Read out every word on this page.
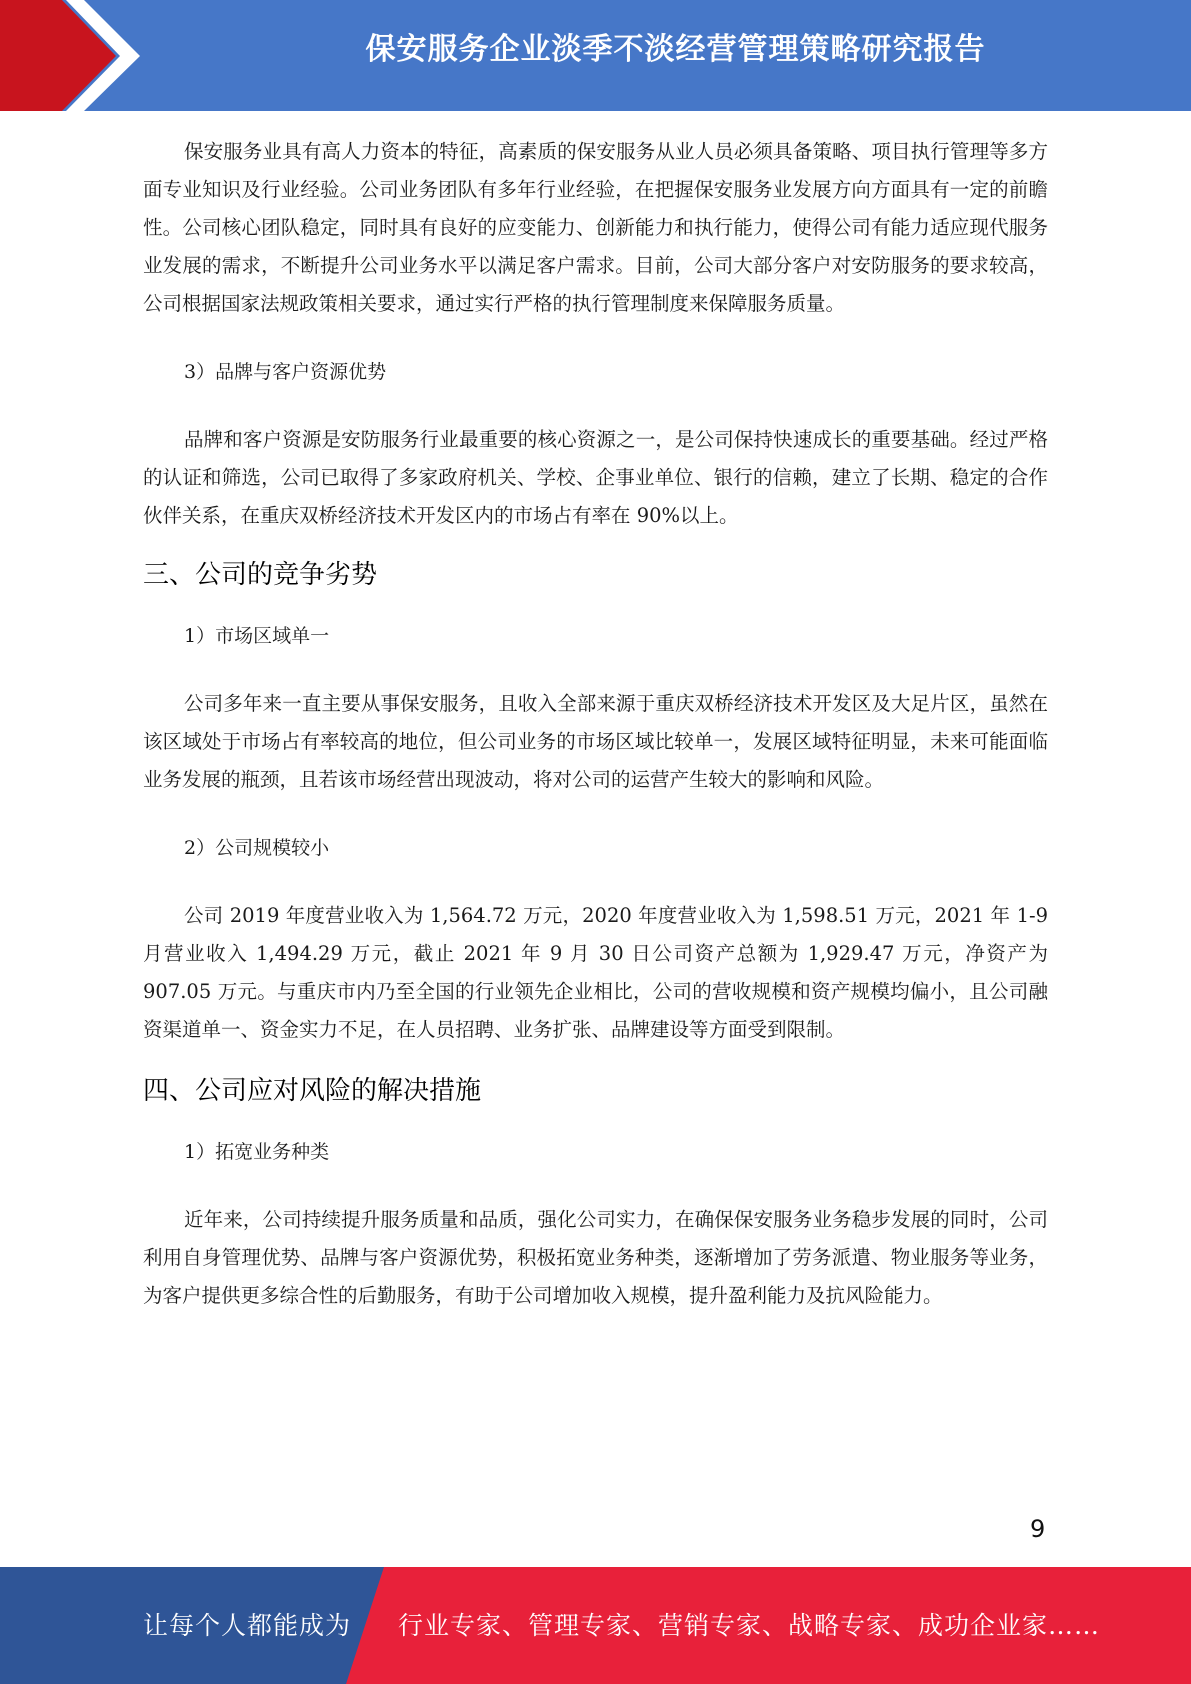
保安服务企业淡季不淡经营管理策略研究报告

保安服务业具有高人力资本的特征，高素质的保安服务从业人员必须具备策略、项目执行管理等多方面专业知识及行业经验。公司业务团队有多年行业经验，在把握保安服务业发展方向方面具有一定的前瞻性。公司核心团队稳定，同时具有良好的应变能力、创新能力和执行能力，使得公司有能力适应现代服务业发展的需求，不断提升公司业务水平以满足客户需求。目前，公司大部分客户对安防服务的要求较高，公司根据国家法规政策相关要求，通过实行严格的执行管理制度来保障服务质量。

3）品牌与客户资源优势

品牌和客户资源是安防服务行业最重要的核心资源之一，是公司保持快速成长的重要基础。经过严格的认证和筛选，公司已取得了多家政府机关、学校、企事业单位、银行的信赖，建立了长期、稳定的合作伙伴关系，在重庆双桥经济技术开发区内的市场占有率在 90%以上。

三、公司的竞争劣势

1）市场区域单一

公司多年来一直主要从事保安服务，且收入全部来源于重庆双桥经济技术开发区及大足片区，虽然在该区域处于市场占有率较高的地位，但公司业务的市场区域比较单一，发展区域特征明显，未来可能面临业务发展的瓶颈，且若该市场经营出现波动，将对公司的运营产生较大的影响和风险。

2）公司规模较小

公司 2019 年度营业收入为 1,564.72 万元，2020 年度营业收入为 1,598.51 万元，2021 年 1-9 月营业收入 1,494.29 万元，截止 2021 年 9 月 30 日公司资产总额为 1,929.47 万元，净资产为 907.05 万元。与重庆市内乃至全国的行业领先企业相比，公司的营收规模和资产规模均偏小，且公司融资渠道单一、资金实力不足，在人员招聘、业务扩张、品牌建设等方面受到限制。

四、公司应对风险的解决措施

1）拓宽业务种类

近年来，公司持续提升服务质量和品质，强化公司实力，在确保保安服务业务稳步发展的同时，公司利用自身管理优势、品牌与客户资源优势，积极拓宽业务种类，逐渐增加了劳务派遣、物业服务等业务，为客户提供更多综合性的后勤服务，有助于公司增加收入规模，提升盈利能力及抗风险能力。

9
让每个人都能成为 行业专家、管理专家、营销专家、战略专家、成功企业家……
